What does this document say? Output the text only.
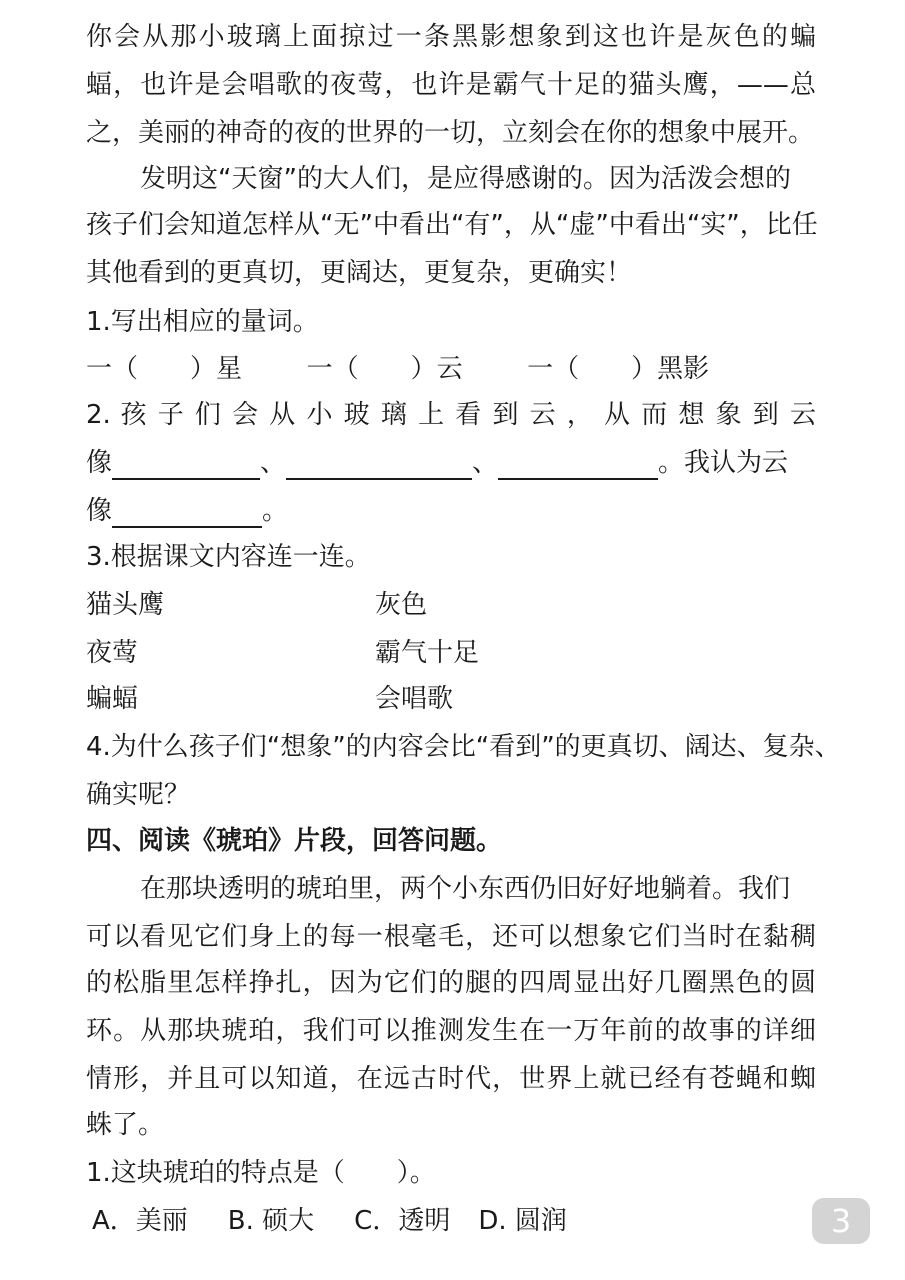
你会从那小玻璃上面掠过一条黑影想象到这也许是灰色的蝙
蝠，也许是会唱歌的夜莺，也许是霸气十足的猫头鹰，——总
之，美丽的神奇的夜的世界的一切，立刻会在你的想象中展开。
发明这“天窗”的大人们，是应得感谢的。因为活泼会想的
孩子们会知道怎样从“无”中看出“有”，从“虚”中看出“实”，比任
其他看到的更真切，更阔达，更复杂，更确实！
1.写出相应的量词。
一（ ）星 一（ ）云 一（ ）黑影
2. 孩 子 们 会 从 小 玻 璃 上 看 到 云 ， 从 而 想 象 到 云
像	、	、	。我认为云
像	。
3.根据课文内容连一连。
猫头鹰	灰色
夜莺	霸气十足
蝙蝠	会唱歌
4.为什么孩子们“想象”的内容会比“看到”的更真切、阔达、复杂、
确实呢？
四、阅读《琥珀》片段，回答问题。
在那块透明的琥珀里，两个小东西仍旧好好地躺着。我们
可以看见它们身上的每一根毫毛，还可以想象它们当时在黏稠
的松脂里怎样挣扎，因为它们的腿的四周显出好几圈黑色的圆
环。从那块琥珀，我们可以推测发生在一万年前的故事的详细
情形，并且可以知道，在远古时代，世界上就已经有苍蝇和蜘
蛛了。
1.这块琥珀的特点是（　　）。
A．美丽 B. 硕大 C．透明 D. 圆润	3
